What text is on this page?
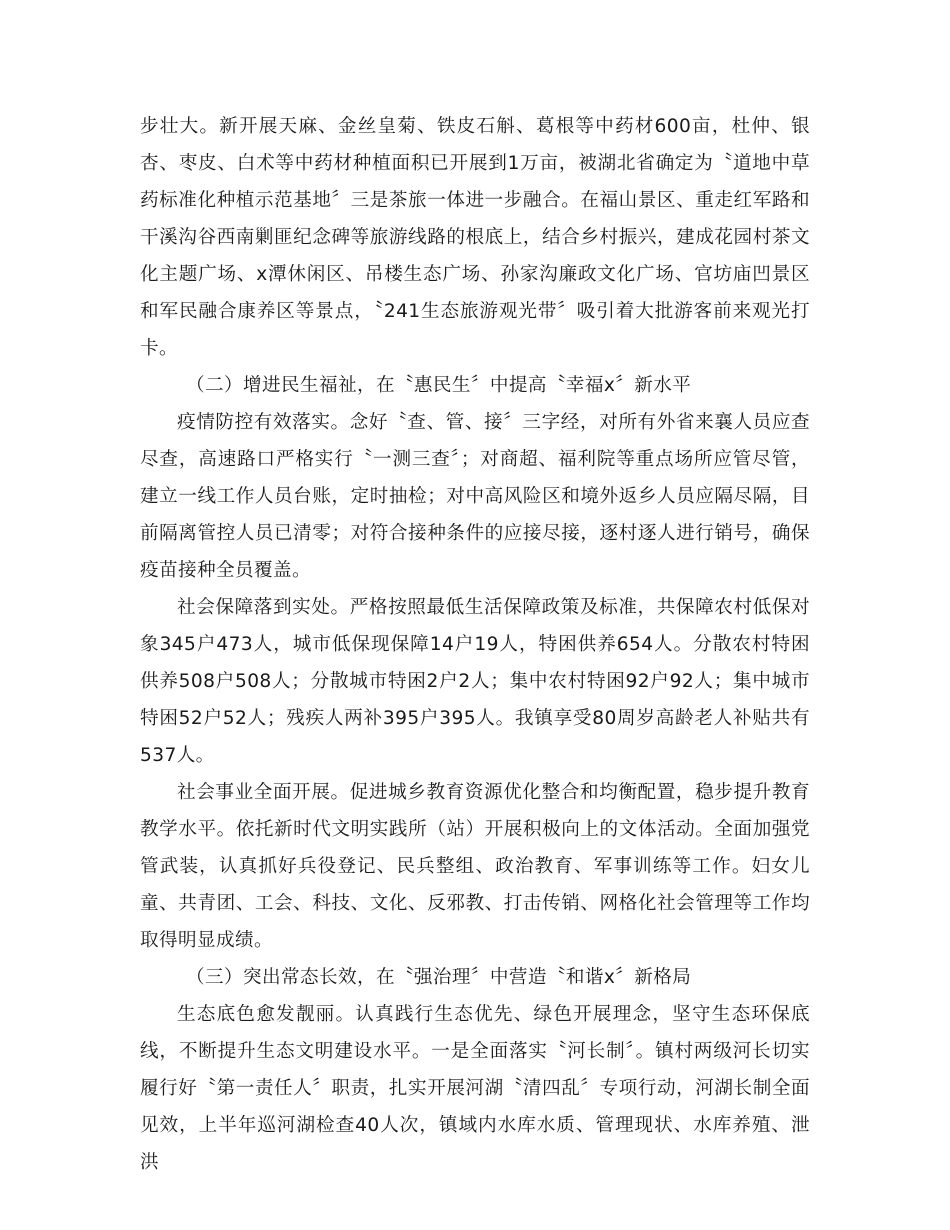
步壮大。新开展天麻、金丝皇菊、铁皮石斛、葛根等中药材600亩，杜仲、银杏、枣皮、白术等中药材种植面积已开展到1万亩，被湖北省确定为〝道地中草药标准化种植示范基地〞三是茶旅一体进一步融合。在福山景区、重走红军路和干溪沟谷西南剿匪纪念碑等旅游线路的根底上，结合乡村振兴，建成花园村茶文化主题广场、x潭休闲区、吊楼生态广场、孙家沟廉政文化广场、官坊庙凹景区和军民融合康养区等景点，〝241生态旅游观光带〞吸引着大批游客前来观光打卡。

（二）增进民生福祉，在〝惠民生〞中提高〝幸福x〞新水平

疫情防控有效落实。念好〝查、管、接〞三字经，对所有外省来襄人员应查尽查，高速路口严格实行〝一测三查〞；对商超、福利院等重点场所应管尽管，建立一线工作人员台账，定时抽检；对中高风险区和境外返乡人员应隔尽隔，目前隔离管控人员已清零；对符合接种条件的应接尽接，逐村逐人进行销号，确保疫苗接种全员覆盖。

社会保障落到实处。严格按照最低生活保障政策及标准，共保障农村低保对象345户473人，城市低保现保障14户19人，特困供养654人。分散农村特困供养508户508人；分散城市特困2户2人；集中农村特困92户92人；集中城市特困52户52人；残疾人两补395户395人。我镇享受80周岁高龄老人补贴共有537人。

社会事业全面开展。促进城乡教育资源优化整合和均衡配置，稳步提升教育教学水平。依托新时代文明实践所（站）开展积极向上的文体活动。全面加强党管武装，认真抓好兵役登记、民兵整组、政治教育、军事训练等工作。妇女儿童、共青团、工会、科技、文化、反邪教、打击传销、网格化社会管理等工作均取得明显成绩。

（三）突出常态长效，在〝强治理〞中营造〝和谐x〞新格局

生态底色愈发靓丽。认真践行生态优先、绿色开展理念，坚守生态环保底线，不断提升生态文明建设水平。一是全面落实〝河长制〞。镇村两级河长切实履行好〝第一责任人〞职责，扎实开展河湖〝清四乱〞专项行动，河湖长制全面见效，上半年巡河湖检查40人次，镇域内水库水质、管理现状、水库养殖、泄洪
